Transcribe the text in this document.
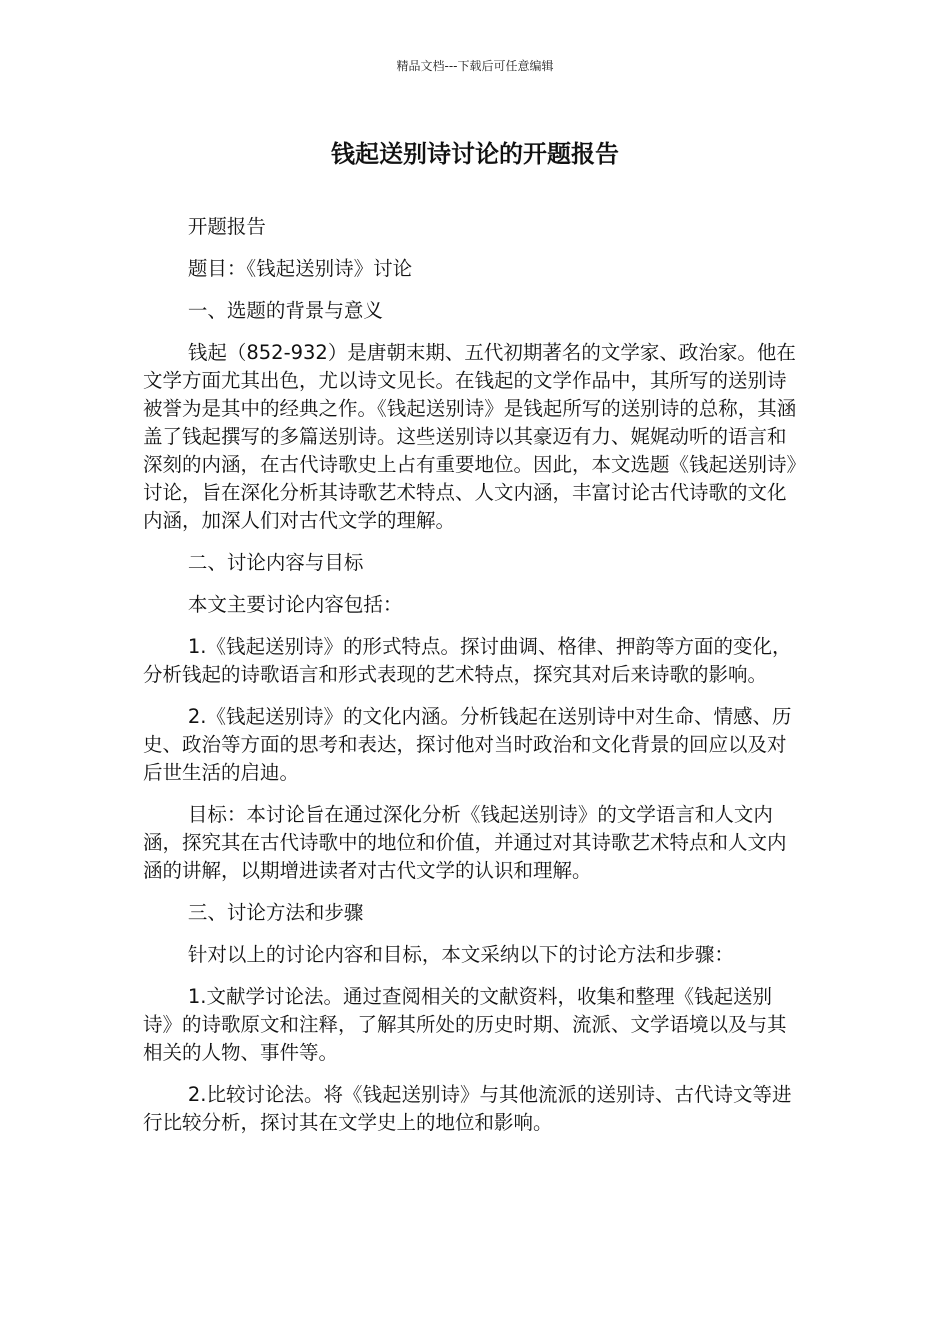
精品文档---下载后可任意编辑
钱起送别诗讨论的开题报告

开题报告

题目：《钱起送别诗》讨论

一、选题的背景与意义

钱起（852-932）是唐朝末期、五代初期著名的文学家、政治家。他在文学方面尤其出色，尤以诗文见长。在钱起的文学作品中，其所写的送别诗被誉为是其中的经典之作。《钱起送别诗》是钱起所写的送别诗的总称，其涵盖了钱起撰写的多篇送别诗。这些送别诗以其豪迈有力、娓娓动听的语言和深刻的内涵，在古代诗歌史上占有重要地位。因此，本文选题《钱起送别诗》讨论，旨在深化分析其诗歌艺术特点、人文内涵，丰富讨论古代诗歌的文化内涵，加深人们对古代文学的理解。

二、讨论内容与目标

本文主要讨论内容包括：

1.《钱起送别诗》的形式特点。探讨曲调、格律、押韵等方面的变化，分析钱起的诗歌语言和形式表现的艺术特点，探究其对后来诗歌的影响。

2.《钱起送别诗》的文化内涵。分析钱起在送别诗中对生命、情感、历史、政治等方面的思考和表达，探讨他对当时政治和文化背景的回应以及对后世生活的启迪。

目标：本讨论旨在通过深化分析《钱起送别诗》的文学语言和人文内涵，探究其在古代诗歌中的地位和价值，并通过对其诗歌艺术特点和人文内涵的讲解，以期增进读者对古代文学的认识和理解。

三、讨论方法和步骤

针对以上的讨论内容和目标，本文采纳以下的讨论方法和步骤：

1.文献学讨论法。通过查阅相关的文献资料，收集和整理《钱起送别诗》的诗歌原文和注释，了解其所处的历史时期、流派、文学语境以及与其相关的人物、事件等。

2.比较讨论法。将《钱起送别诗》与其他流派的送别诗、古代诗文等进行比较分析，探讨其在文学史上的地位和影响。
